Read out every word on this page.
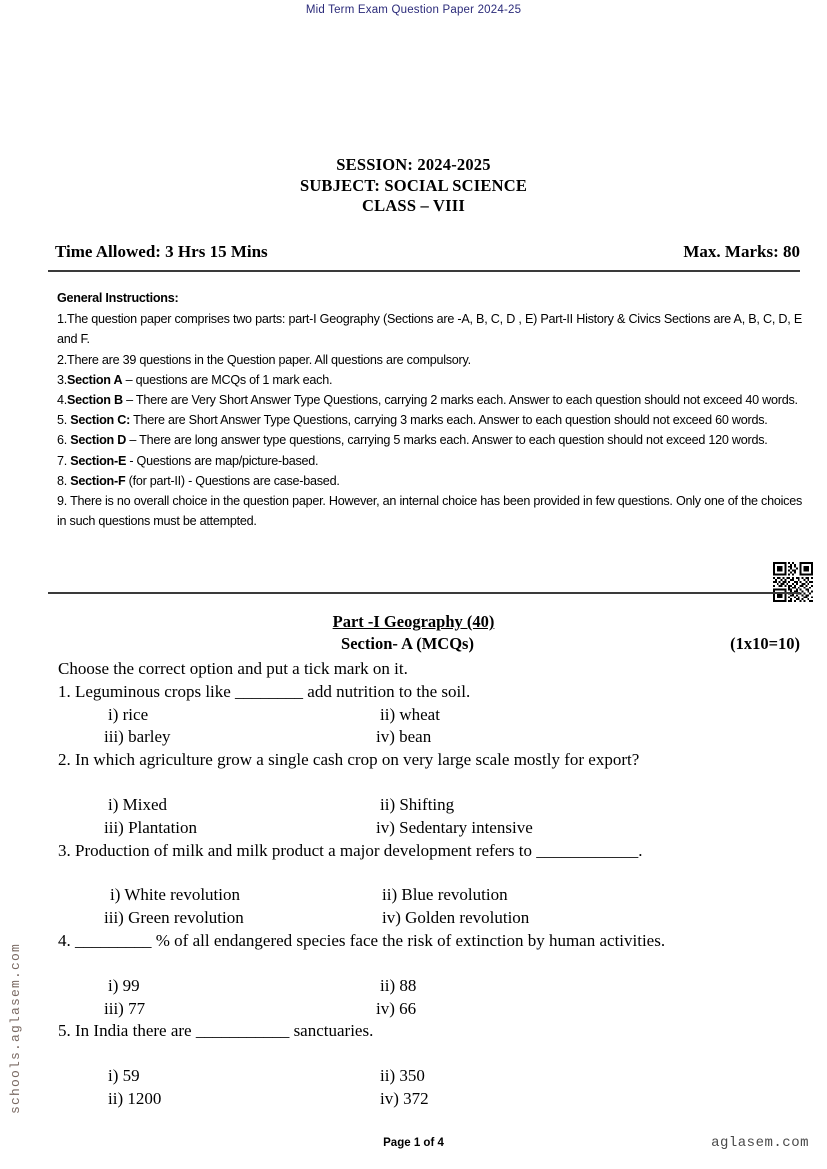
Mid Term Exam Question Paper 2024-25
SESSION: 2024-2025
SUBJECT: SOCIAL SCIENCE
CLASS – VIII
Time Allowed: 3 Hrs 15 Mins	Max. Marks: 80
General Instructions:
1.The question paper comprises two parts: part-I Geography (Sections are -A, B, C, D , E) Part-II History & Civics Sections are A, B, C, D, E and F.
2.There are 39 questions in the Question paper. All questions are compulsory.
3.Section A – questions are MCQs of 1 mark each.
4.Section B – There are Very Short Answer Type Questions, carrying 2 marks each. Answer to each question should not exceed 40 words.
5. Section C: There are Short Answer Type Questions, carrying 3 marks each. Answer to each question should not exceed 60 words.
6. Section D – There are long answer type questions, carrying 5 marks each. Answer to each question should not exceed 120 words.
7. Section-E - Questions are map/picture-based.
8. Section-F (for part-II) - Questions are case-based.
9. There is no overall choice in the question paper. However, an internal choice has been provided in few questions. Only one of the choices in such questions must be attempted.
Part -I Geography (40)
Section- A (MCQs)	(1x10=10)

Choose the correct option and put a tick mark on it.

1. Leguminous crops like ________ add nutrition to the soil.

i) rice	ii) wheat
iii) barley	iv) bean

2. In which agriculture grow a single cash crop on very large scale mostly for export?

i) Mixed	ii) Shifting
iii) Plantation	iv) Sedentary intensive

3. Production of milk and milk product a major development refers to ____________.

i) White revolution	ii) Blue revolution
iii) Green revolution	iv) Golden revolution

4. _________ % of all endangered species face the risk of extinction by human activities.

i) 99	ii) 88
iii) 77	iv) 66

5. In India there are ___________ sanctuaries.

i) 59	ii) 350
ii) 1200	iv) 372
schools.aglasem.com
Page 1 of 4	aglasem.com
